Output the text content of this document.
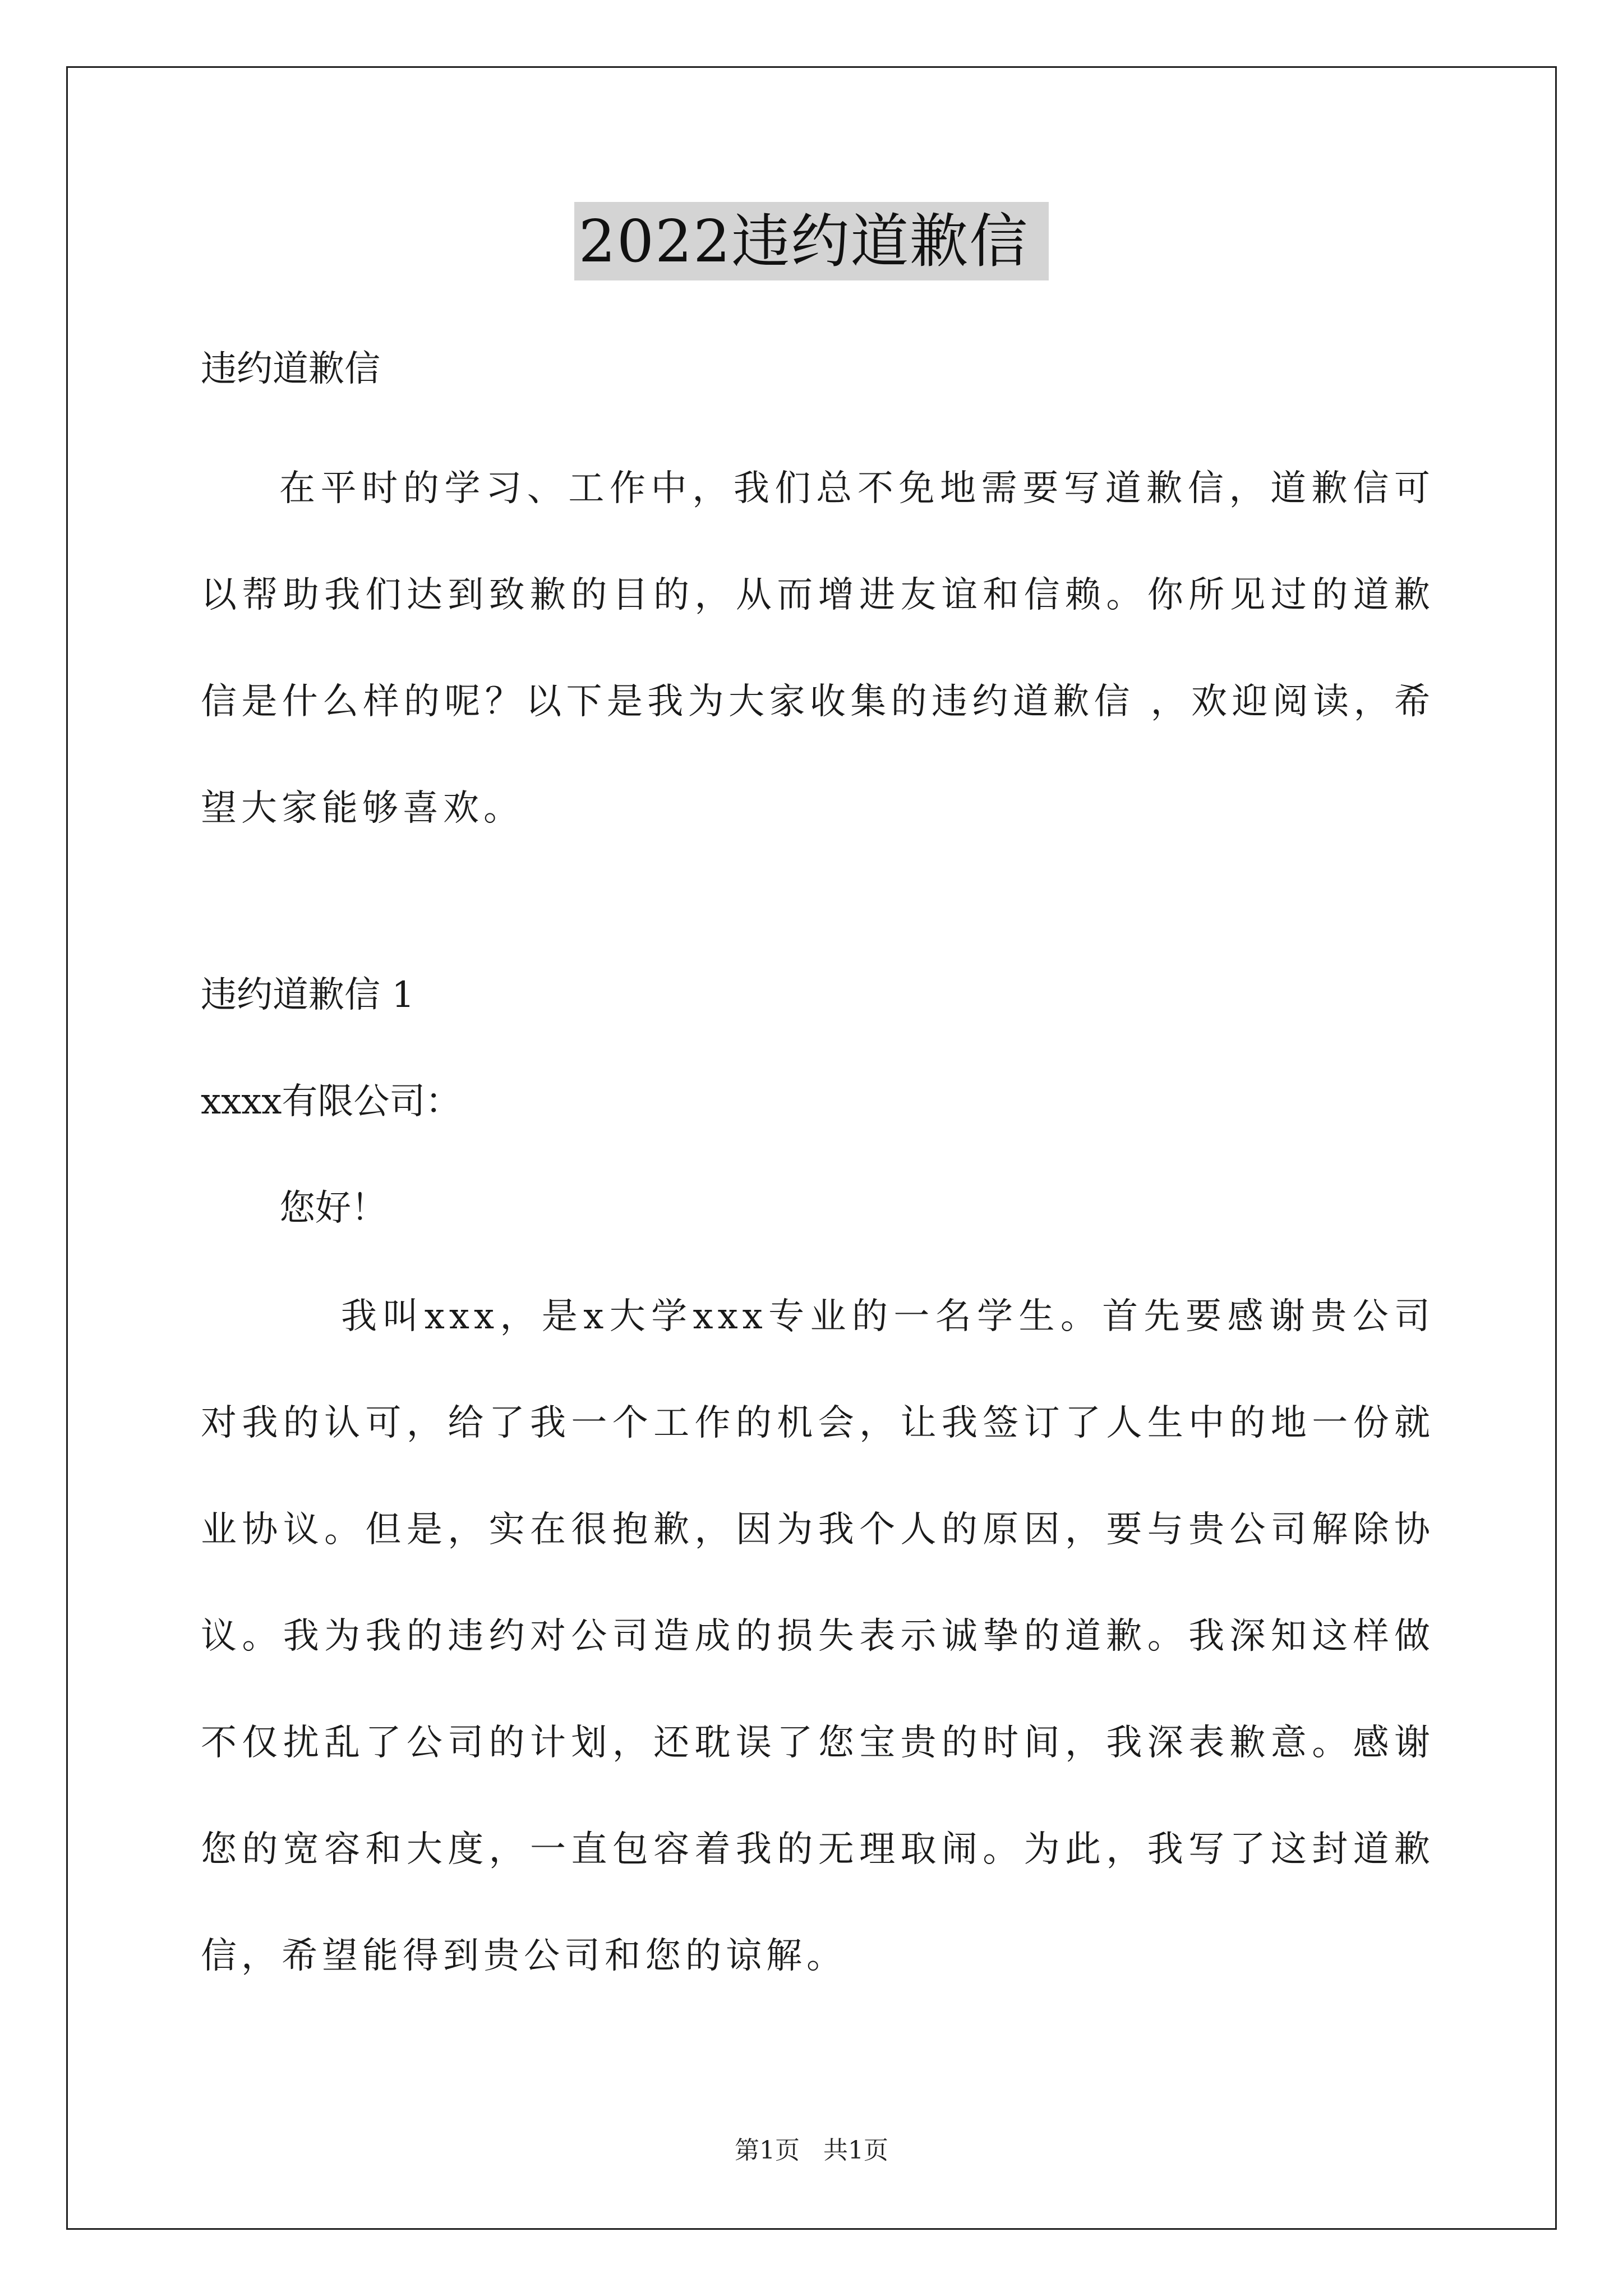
2022违约道歉信

违约道歉信

在平时的学习、工作中，我们总不免地需要写道歉信，道歉信可以帮助我们达到致歉的目的，从而增进友谊和信赖。你所见过的道歉信是什么样的呢？以下是我为大家收集的违约道歉信 ，欢迎阅读，希望大家能够喜欢。

违约道歉信 1

xxxx有限公司：

您好！

我叫xxx，是x大学xxx专业的一名学生。首先要感谢贵公司对我的认可，给了我一个工作的机会，让我签订了人生中的地一份就业协议。但是，实在很抱歉，因为我个人的原因，要与贵公司解除协议。我为我的违约对公司造成的损失表示诚挚的道歉。我深知这样做不仅扰乱了公司的计划，还耽误了您宝贵的时间，我深表歉意。感谢您的宽容和大度，一直包容着我的无理取闹。为此，我写了这封道歉信，希望能得到贵公司和您的谅解。

第1页 共1页
